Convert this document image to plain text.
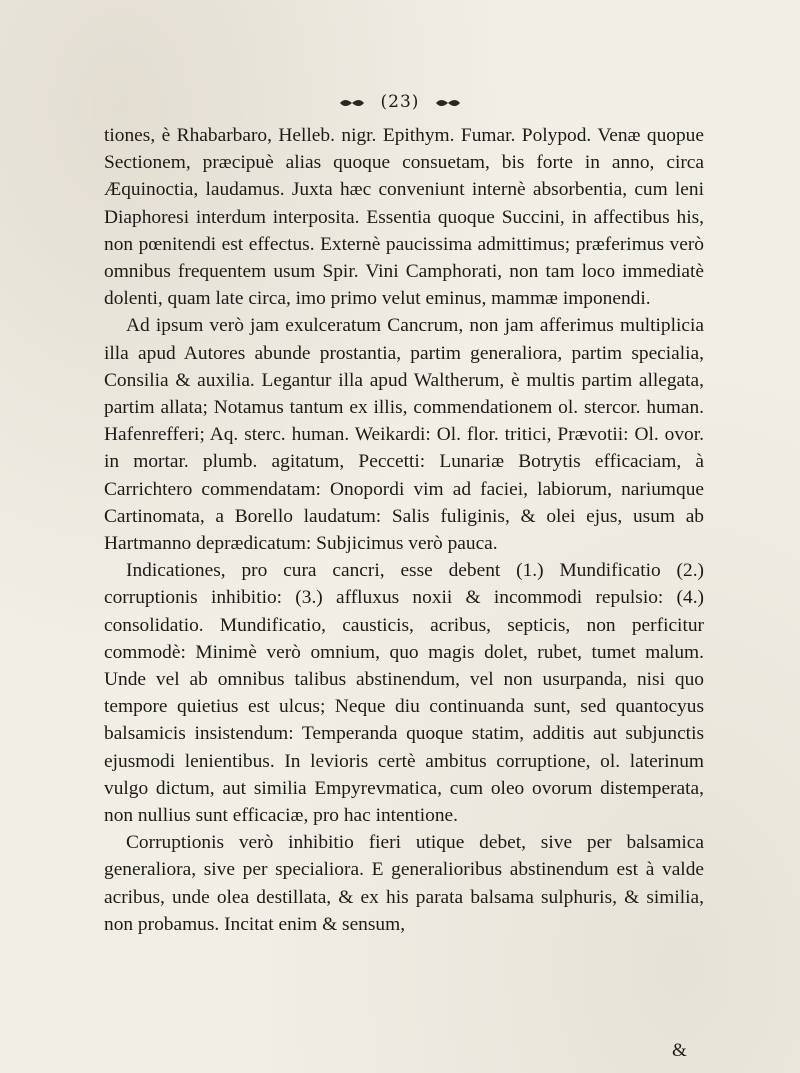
(23)

tiones, è Rhabarbaro, Helleb. nigr. Epithym. Fumar. Polypod. Venæ quopue Sectionem, præcipuè alias quoque consuetam, bis forte in anno, circa Æquinoctia, laudamus. Juxta hæc conveniunt internè absorbentia, cum leni Diaphoresi interdum interposita. Essentia quoque Succini, in affectibus his, non pœnitendi est effectus. Externè paucissima admittimus; præferimus verò omnibus frequentem usum Spir. Vini Camphorati, non tam loco immediatè dolenti, quam late circa, imo primo velut eminus, mammæ imponendi.

Ad ipsum verò jam exulceratum Cancrum, non jam afferimus multiplicia illa apud Autores abunde prostantia, partim generaliora, partim specialia, Consilia & auxilia. Legantur illa apud Waltherum, è multis partim allegata, partim allata; Notamus tantum ex illis, commendationem ol. stercor. human. Hafenrefferi; Aq. sterc. human. Weikardi: Ol. flor. tritici, Prævotii: Ol. ovor. in mortar. plumb. agitatum, Peccetti: Lunariæ Botrytis efficaciam, à Carrichtero commendatam: Onopordi vim ad faciei, labiorum, nariumque Cartinomata, a Borello laudatum: Salis fuliginis, & olei ejus, usum ab Hartmanno deprædicatum: Subjicimus verò pauca.

Indicationes, pro cura cancri, esse debent (1.) Mundificatio (2.) corruptionis inhibitio: (3.) affluxus noxii & incommodi repulsio: (4.) consolidatio. Mundificatio, causticis, acribus, septicis, non perficitur commodè: Minimè verò omnium, quo magis dolet, rubet, tumet malum. Unde vel ab omnibus talibus abstinendum, vel non usurpanda, nisi quo tempore quietius est ulcus; Neque diu continuanda sunt, sed quantocyus balsamicis insistendum: Temperanda quoque statim, additis aut subjunctis ejusmodi lenientibus. In levioris certè ambitus corruptione, ol. laterinum vulgo dictum, aut similia Empyrevmatica, cum oleo ovorum distemperata, non nullius sunt efficaciæ, pro hac intentione.

Corruptionis verò inhibitio fieri utique debet, sive per balsamica generaliora, sive per specialiora. E generalioribus abstinendum est à valde acribus, unde olea destillata, & ex his parata balsama sulphuris, & similia, non probamus. Incitat enim & sensum,

&
